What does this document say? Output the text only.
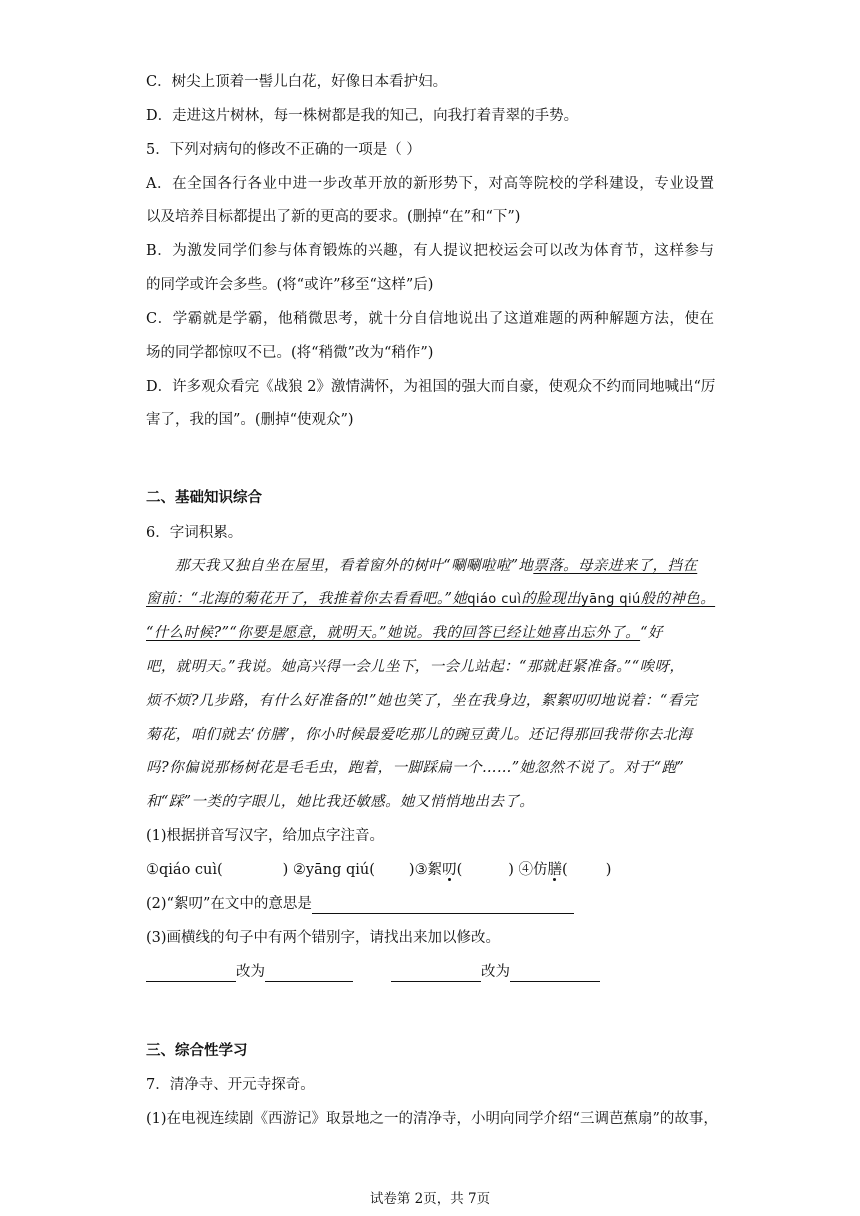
C．树尖上顶着一髻儿白花，好像日本看护妇。
D．走进这片树林，每一株树都是我的知己，向我打着青翠的手势。
5．下列对病句的修改不正确的一项是（ ）
A．在全国各行各业中进一步改革开放的新形势下，对高等院校的学科建设，专业设置
以及培养目标都提出了新的更高的要求。(删掉“在”和“下”)
B．为激发同学们参与体育锻炼的兴趣，有人提议把校运会可以改为体育节，这样参与
的同学或许会多些。(将“或许”移至“这样”后)
C．学霸就是学霸，他稍微思考，就十分自信地说出了这道难题的两种解题方法，使在
场的同学都惊叹不已。(将“稍微”改为“稍作”)
D．许多观众看完《战狼 2》激情满怀，为祖国的强大而自豪，使观众不约而同地喊出“厉
害了，我的国”。(删掉“使观众”)
二、基础知识综合
6．字词积累。
那天我又独自坐在屋里，看着窗外的树叶“唰唰啦啦”地票落。母亲进来了，挡在
窗前：“北海的菊花开了，我推着你去看看吧。”她qiáo cuì的脸现出yāng qiú般的神色。
“什么时候?”“你要是愿意，就明天。”她说。我的回答已经让她喜出忘外了。“好
吧，就明天。”我说。她高兴得一会儿坐下，一会儿站起：“那就赶紧准备。”“唉呀，
烦不烦?几步路，有什么好准备的!”她也笑了，坐在我身边，絮絮叨叨地说着：“看完
菊花，咱们就去‘仿膳’，你小时候最爱吃那儿的豌豆黄儿。还记得那回我带你去北海
吗?你偏说那杨树花是毛毛虫，跑着，一脚踩扁一个……”她忽然不说了。对于“跑”
和“踩”一类的字眼儿，她比我还敏感。她又悄悄地出去了。
(1)根据拼音写汉字，给加点字注音。
①qiáo cuì(	) ②yāng qiú( )③絮叨(	) ④仿膳(	)
(2)“絮叨”在文中的意思是
(3)画横线的句子中有两个错别字，请找出来加以修改。
改为	改为
三、综合性学习
7．清净寺、开元寺探奇。
(1)在电视连续剧《西游记》取景地之一的清净寺，小明向同学介绍“三调芭蕉扇”的故事，
试卷第 2页，共 7页
